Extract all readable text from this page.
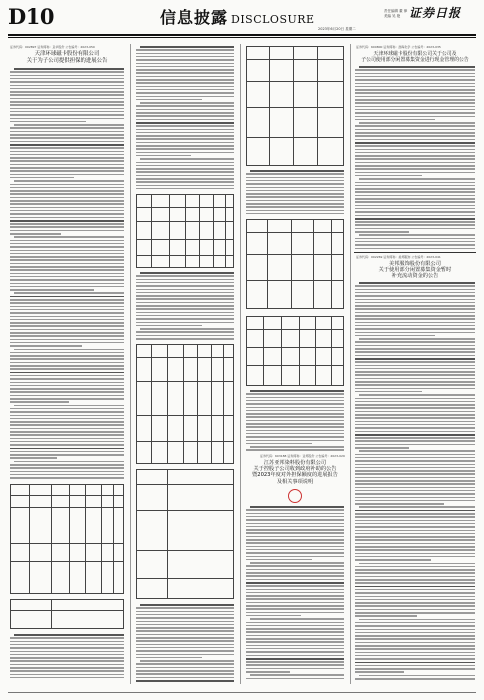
D10	信息披露 DISCLOSURE
责任编辑 董 律
美编 吴 艳 证券日报
2023年6月20日 星期二
证券代码：002897 证券简称：意华股份 公告编号：2023-050
天津环球磁卡股份有限公司
关于为子公司提供担保的进展公告
证券代码：603188 证券简称：亚邦股份 公告编号：2023-029
江苏亚邦染料股份有限公司
关于控股子公司收到政府补助的公告
暨2023年度对外担保额度的进展报告
及相关事项说明
证券代码：600800 证券简称：渤海化学 公告编号：2023-035
天津环球磁卡股份有限公司关于公司及
子公司使用部分闲置募集资金进行现金管理的公告
证券代码：002269 证券简称：美邦服饰 公告编号：2023-041
美邦服饰股份有限公司
关于使用部分闲置募集资金暂时
补充流动资金的公告
